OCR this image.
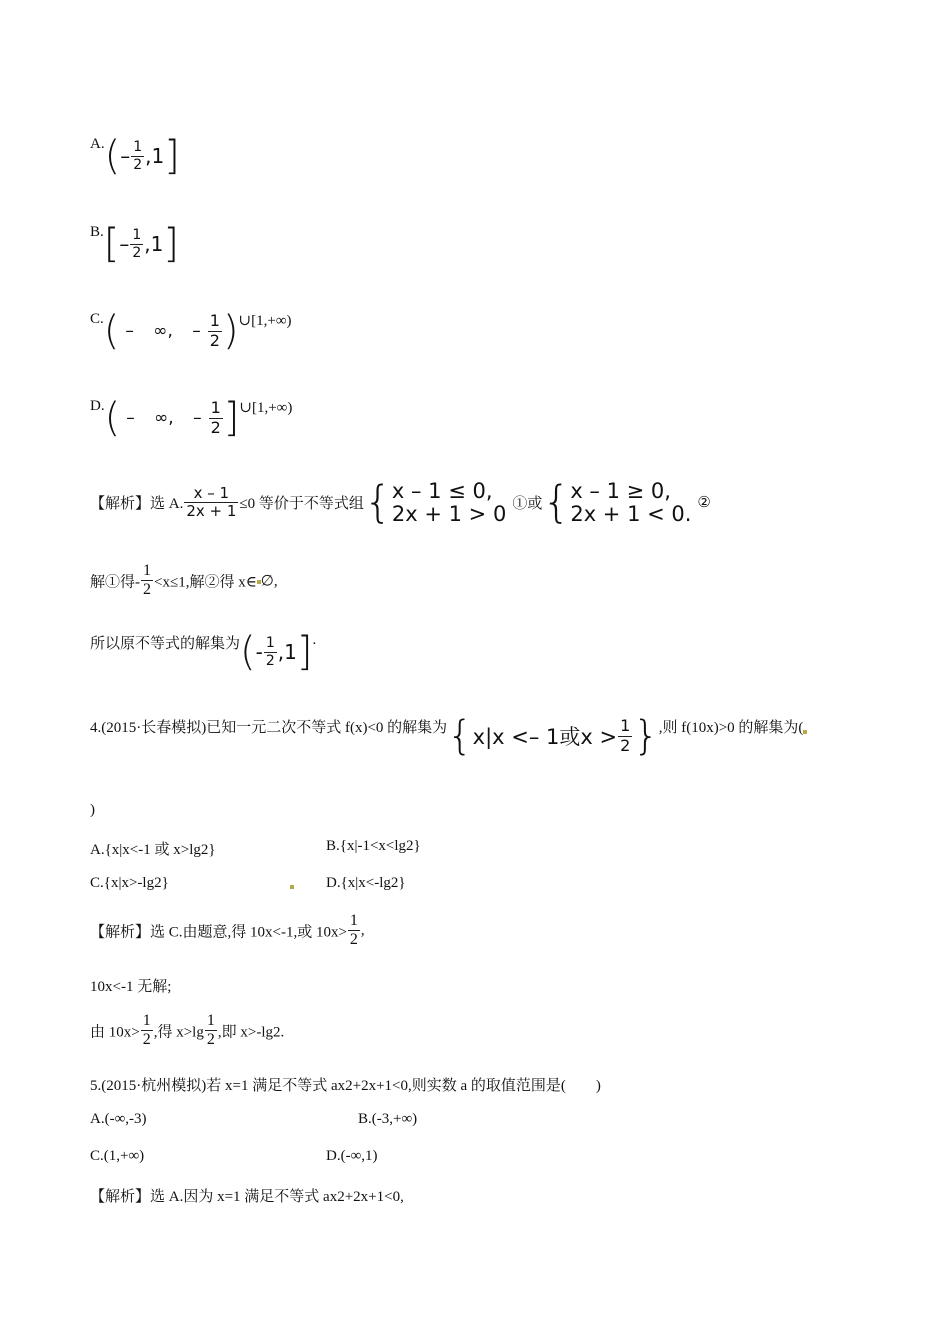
$A.(- \frac{1}{2} ,1]$
$B.[- \frac{1}{2} ,1]$
C.( – ∞, – $\frac{1}{2}$ )∪[1,+∞)
D.( – ∞, – $\frac{1}{2}$ ]∪[1,+∞)
【解析】选 A. $\frac{x - 1}{2x + 1} \le 0$ 等价于不等式组{ x – 1 ≤ 0,
2x + 1 > 0 ①或{ x – 1 ≥ 0,
2x + 1 < 0. ②
解①得- $\frac{1}{2} <x\le 1$,解②得 x∈ ∅,
所以原不等式的解集为(- $\frac{1}{2} ,1$].
4.(2015·长春模拟)已知一元二次不等式 f(x)<0 的解集为{x|x <– 1或$x > \frac{1}{2}$ },则 f(10x)>0 的解集为(
)
A.{x|x<-1 或 x>lg2}	B.{x|-1<x<lg2}
C.{x|x>-lg2}	D.{x|x<-lg2}
【解析】选 C.由题意,得 10x<-1,或 $10x> \frac{1}{2}$ ,
10x<-1 无解;
由 $10x> \frac{1}{2}$ ,得 $x>\lg \frac{1}{2}$ ,即 x>-lg2.
5.(2015·杭州模拟)若 x=1 满足不等式 ax2+2x+1<0,则实数 a 的取值范围是(　　)
A.(-∞,-3)	B.(-3,+∞)
C.(1,+∞)	D.(-∞,1)
【解析】选 A.因为 x=1 满足不等式 ax2+2x+1<0,
